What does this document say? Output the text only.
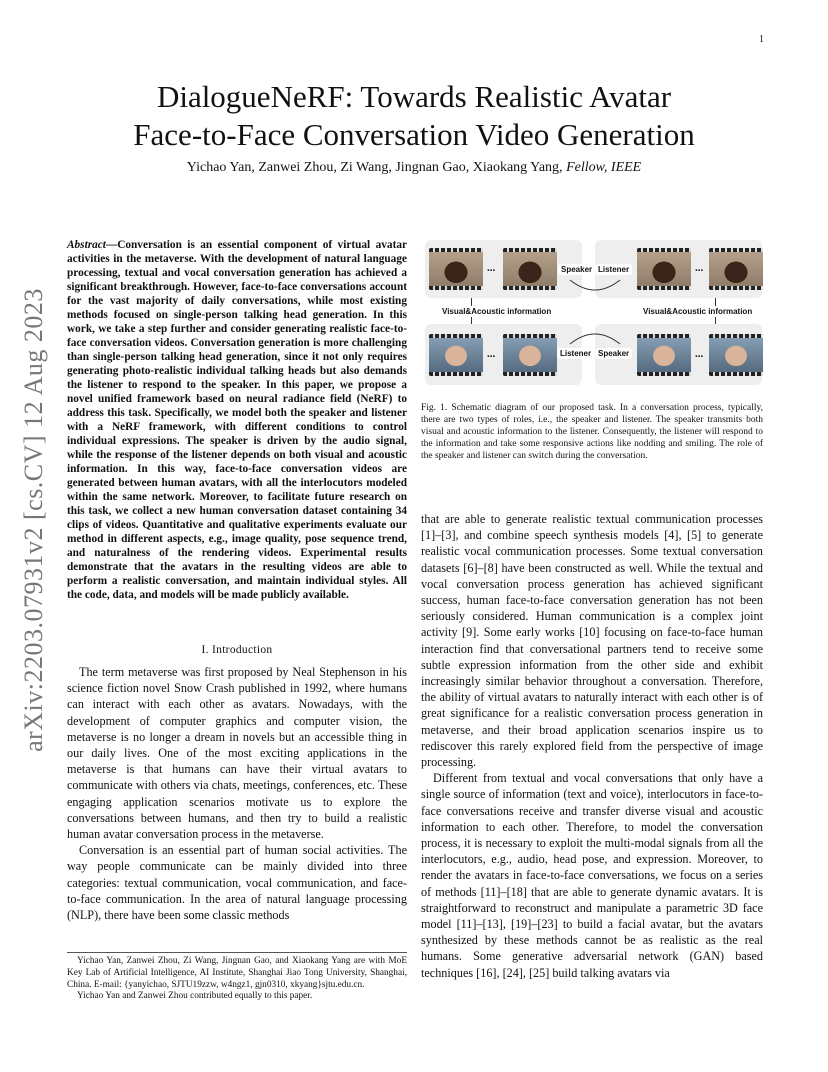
1
arXiv:2203.07931v2 [cs.CV] 12 Aug 2023
DialogueNeRF: Towards Realistic Avatar
Face-to-Face Conversation Video Generation
Yichao Yan, Zanwei Zhou, Zi Wang, Jingnan Gao, Xiaokang Yang, Fellow, IEEE
Abstract—Conversation is an essential component of virtual avatar activities in the metaverse. With the development of natural language processing, textual and vocal conversation generation has achieved a significant breakthrough. However, face-to-face conversations account for the vast majority of daily conversations, while most existing methods focused on single-person talking head generation. In this work, we take a step further and consider generating realistic face-to-face conversation videos. Conversation generation is more challenging than single-person talking head generation, since it not only requires generating photo-realistic individual talking heads but also demands the listener to respond to the speaker. In this paper, we propose a novel unified framework based on neural radiance field (NeRF) to address this task. Specifically, we model both the speaker and listener with a NeRF framework, with different conditions to control individual expressions. The speaker is driven by the audio signal, while the response of the listener depends on both visual and acoustic information. In this way, face-to-face conversation videos are generated between human avatars, with all the interlocutors modeled within the same network. Moreover, to facilitate future research on this task, we collect a new human conversation dataset containing 34 clips of videos. Quantitative and qualitative experiments evaluate our method in different aspects, e.g., image quality, pose sequence trend, and naturalness of the rendering videos. Experimental results demonstrate that the avatars in the resulting videos are able to perform a realistic conversation, and maintain individual styles. All the code, data, and models will be made publicly available.
I. Introduction

The term metaverse was first proposed by Neal Stephenson in his science fiction novel Snow Crash published in 1992, where humans can interact with each other as avatars. Nowadays, with the development of computer graphics and computer vision, the metaverse is no longer a dream in novels but an accessible thing in our daily lives. One of the most exciting applications in the metaverse is that humans can have their virtual avatars to communicate with others via chats, meetings, conferences, etc. These engaging application scenarios motivate us to explore the conversations between humans, and then try to build a realistic human avatar conversation process in the metaverse.

Conversation is an essential part of human social activities. The way people communicate can be mainly divided into three categories: textual communication, vocal communication, and face-to-face communication. In the area of natural language processing (NLP), there have been some classic methods

Yichao Yan, Zanwei Zhou, Zi Wang, Jingnan Gao, and Xiaokang Yang are with MoE Key Lab of Artificial Intelligence, AI Institute, Shanghai Jiao Tong University, Shanghai, China. E-mail: {yanyichao, SJTU19zzw, w4ngz1, gjn0310, xkyang}sjtu.edu.cn.

Yichao Yan and Zanwei Zhou contributed equally to this paper.

...	...
Speaker Listener
Visual&Acoustic information	Visual&Acoustic information
...	...
Listener Speaker
Fig. 1. Schematic diagram of our proposed task. In a conversation process, typically, there are two types of roles, i.e., the speaker and listener. The speaker transmits both visual and acoustic information to the listener. Consequently, the listener will respond to the information and take some responsive actions like nodding and smiling. The role of the speaker and listener can switch during the conversation.

that are able to generate realistic textual communication processes [1]–[3], and combine speech synthesis models [4], [5] to generate realistic vocal communication processes. Some textual conversation datasets [6]–[8] have been constructed as well. While the textual and vocal conversation process generation has achieved significant success, human face-to-face conversation generation has not been seriously considered. Human communication is a complex joint activity [9]. Some early works [10] focusing on face-to-face human interaction find that conversational partners tend to receive some subtle expression information from the other side and exhibit increasingly similar behavior throughout a conversation. Therefore, the ability of virtual avatars to naturally interact with each other is of great significance for a realistic conversation process generation in metaverse, and their broad application scenarios inspire us to rediscover this rarely explored field from the perspective of image processing.

Different from textual and vocal conversations that only have a single source of information (text and voice), interlocutors in face-to-face conversations receive and transfer diverse visual and acoustic information to each other. Therefore, to model the conversation process, it is necessary to exploit the multi-modal signals from all the interlocutors, e.g., audio, head pose, and expression. Moreover, to render the avatars in face-to-face conversations, we focus on a series of methods [11]–[18] that are able to generate dynamic avatars. It is straightforward to reconstruct and manipulate a parametric 3D face model [11]–[13], [19]–[23] to build a facial avatar, but the avatars synthesized by these methods cannot be as realistic as the real humans. Some generative adversarial network (GAN) based techniques [16], [24], [25] build talking avatars via
